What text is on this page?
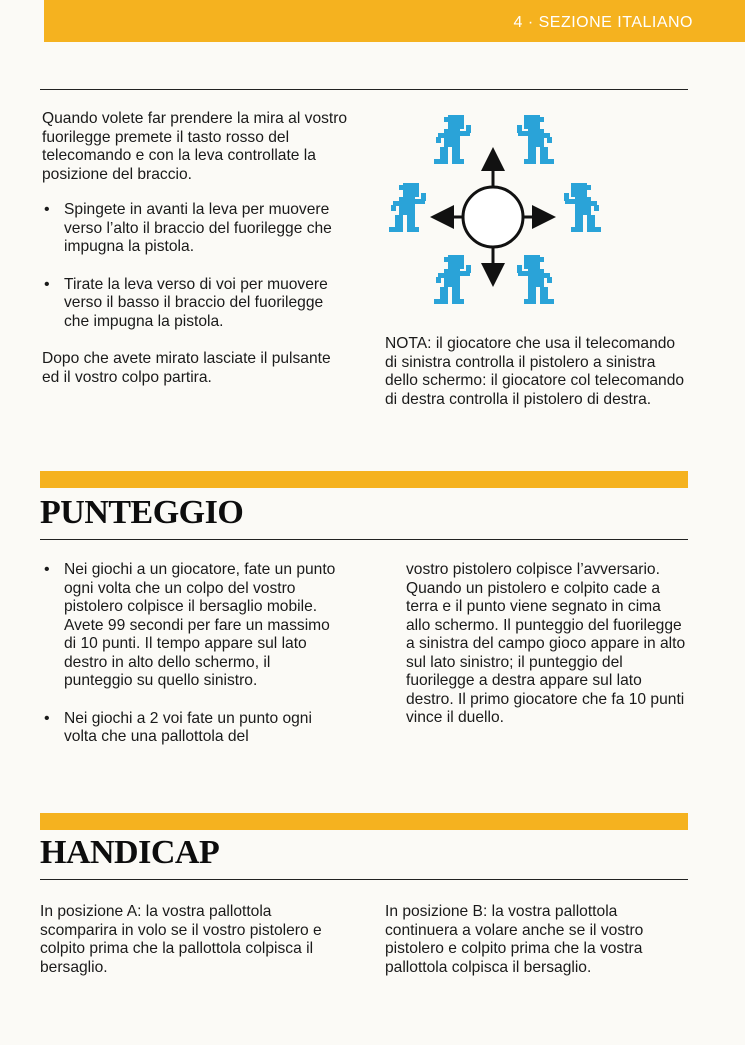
4 · SEZIONE ITALIANO

Quando volete far prendere la mira al vostro fuorilegge premete il tasto rosso del telecomando e con la leva controllate la posizione del braccio.

• Spingete in avanti la leva per muovere verso l’alto il braccio del fuorilegge che impugna la pistola.
• Tirate la leva verso di voi per muovere verso il basso il braccio del fuorilegge che impugna la pistola.

Dopo che avete mirato lasciate il pulsante ed il vostro colpo partira.

NOTA: il giocatore che usa il telecomando di sinistra controlla il pistolero a sinistra dello schermo: il giocatore col telecomando di destra controlla il pistolero di destra.
PUNTEGGIO
• Nei giochi a un giocatore, fate un punto ogni volta che un colpo del vostro pistolero colpisce il bersaglio mobile. Avete 99 secondi per fare un massimo di 10 punti. Il tempo appare sul lato destro in alto dello schermo, il punteggio su quello sinistro.
• Nei giochi a 2 voi fate un punto ogni volta che una pallottola del

vostro pistolero colpisce l’avversario. Quando un pistolero e colpito cade a terra e il punto viene segnato in cima allo schermo. Il punteggio del fuorilegge a sinistra del campo gioco appare in alto sul lato sinistro; il punteggio del fuorilegge a destra appare sul lato destro. Il primo giocatore che fa 10 punti vince il duello.

HANDICAP
In posizione A: la vostra pallottola scomparira in volo se il vostro pistolero e colpito prima che la pallottola colpisca il bersaglio.
In posizione B: la vostra pallottola continuera a volare anche se il vostro pistolero e colpito prima che la vostra pallottola colpisca il bersaglio.
